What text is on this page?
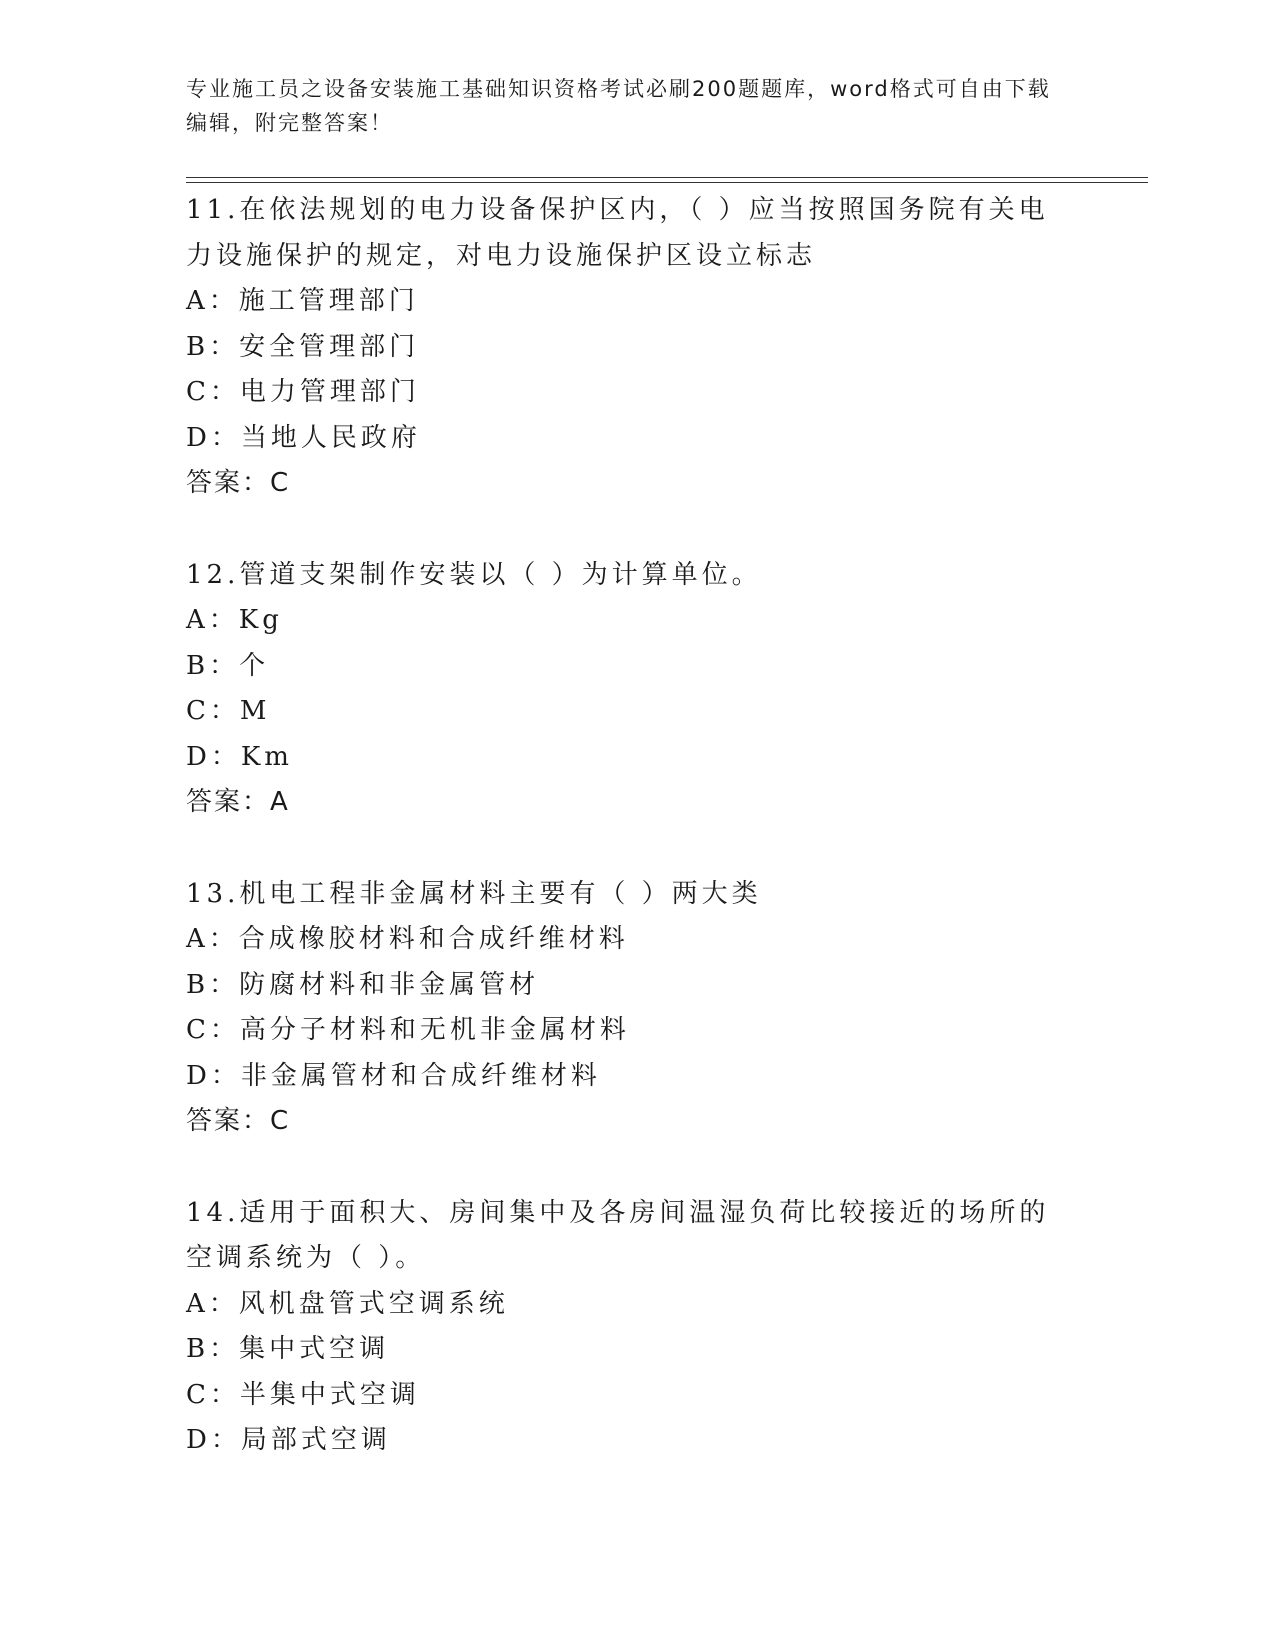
专业施工员之设备安装施工基础知识资格考试必刷200题题库，word格式可自由下载编辑，附完整答案！
11.在依法规划的电力设备保护区内，（ ）应当按照国务院有关电力设施保护的规定，对电力设施保护区设立标志
A：施工管理部门
B：安全管理部门
C：电力管理部门
D：当地人民政府
答案：C
12.管道支架制作安装以（ ）为计算单位。
A：Kg
B：个
C：M
D：Km
答案：A
13.机电工程非金属材料主要有（ ）两大类
A：合成橡胶材料和合成纤维材料
B：防腐材料和非金属管材
C：高分子材料和无机非金属材料
D：非金属管材和合成纤维材料
答案：C
14.适用于面积大、房间集中及各房间温湿负荷比较接近的场所的空调系统为（ ）。
A：风机盘管式空调系统
B：集中式空调
C：半集中式空调
D：局部式空调
